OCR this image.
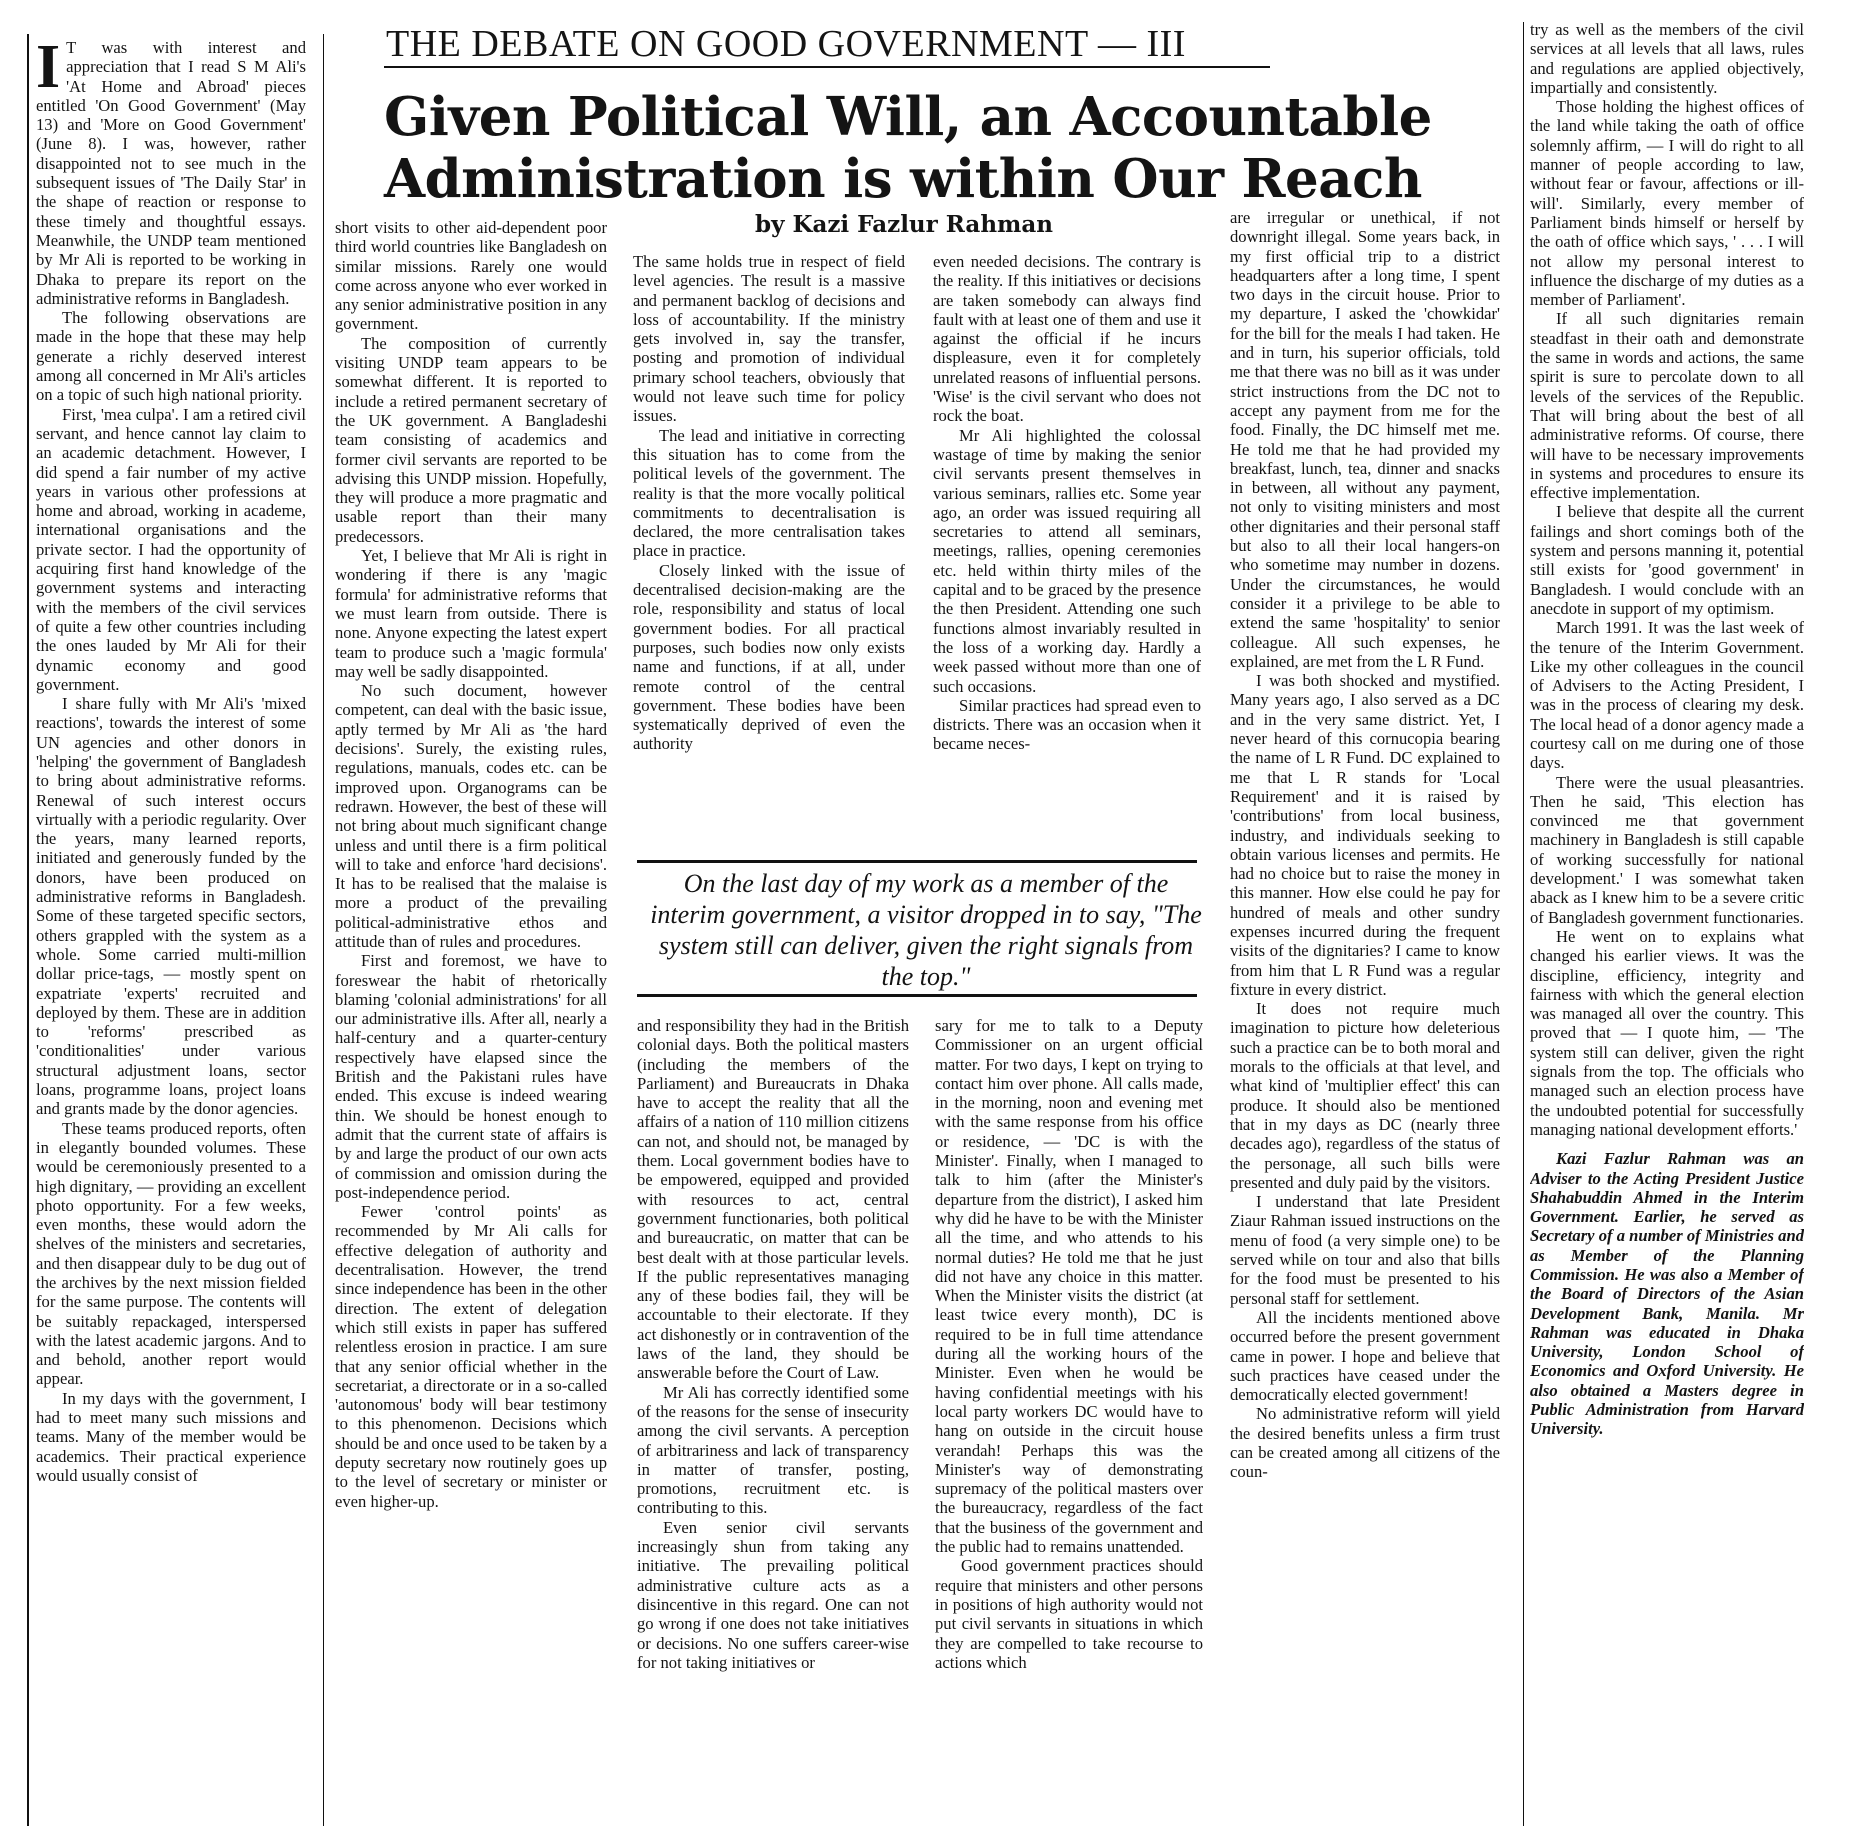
THE DEBATE ON GOOD GOVERNMENT — III
Given Political Will, an Accountable Administration is within Our Reach
by Kazi Fazlur Rahman

I T was with interest and appreciation that I read S M Ali's 'At Home and Abroad' pieces entitled 'On Good Government' (May 13) and 'More on Good Government' (June 8). I was, however, rather disappointed not to see much in the subsequent issues of 'The Daily Star' in the shape of reaction or response to these timely and thoughtful essays. Meanwhile, the UNDP team mentioned by Mr Ali is reported to be working in Dhaka to prepare its report on the administrative reforms in Bangladesh.

The following observations are made in the hope that these may help generate a richly deserved interest among all concerned in Mr Ali's articles on a topic of such high national priority.

First, 'mea culpa'. I am a retired civil servant, and hence cannot lay claim to an academic detachment. However, I did spend a fair number of my active years in various other professions at home and abroad, working in academe, international organisations and the private sector. I had the opportunity of acquiring first hand knowledge of the government systems and interacting with the members of the civil services of quite a few other countries including the ones lauded by Mr Ali for their dynamic economy and good government.

I share fully with Mr Ali's 'mixed reactions', towards the interest of some UN agencies and other donors in 'helping' the government of Bangladesh to bring about administrative reforms. Renewal of such interest occurs virtually with a periodic regularity. Over the years, many learned reports, initiated and generously funded by the donors, have been produced on administrative reforms in Bangladesh. Some of these targeted specific sectors, others grappled with the system as a whole. Some carried multi-million dollar price-tags, — mostly spent on expatriate 'experts' recruited and deployed by them. These are in addition to 'reforms' prescribed as 'conditionalities' under various structural adjustment loans, sector loans, programme loans, project loans and grants made by the donor agencies.

These teams produced reports, often in elegantly bounded volumes. These would be ceremoniously presented to a high dignitary, — providing an excellent photo opportunity. For a few weeks, even months, these would adorn the shelves of the ministers and secretaries, and then disappear duly to be dug out of the archives by the next mission fielded for the same purpose. The contents will be suitably repackaged, interspersed with the latest academic jargons. And to and behold, another report would appear.

In my days with the government, I had to meet many such missions and teams. Many of the member would be academics. Their practical experience would usually consist of

short visits to other aid-dependent poor third world countries like Bangladesh on similar missions. Rarely one would come across anyone who ever worked in any senior administrative position in any government.

The composition of currently visiting UNDP team appears to be somewhat different. It is reported to include a retired permanent secretary of the UK government. A Bangladeshi team consisting of academics and former civil servants are reported to be advising this UNDP mission. Hopefully, they will produce a more pragmatic and usable report than their many predecessors.

Yet, I believe that Mr Ali is right in wondering if there is any 'magic formula' for administrative reforms that we must learn from outside. There is none. Anyone expecting the latest expert team to produce such a 'magic formula' may well be sadly disappointed.

No such document, however competent, can deal with the basic issue, aptly termed by Mr Ali as 'the hard decisions'. Surely, the existing rules, regulations, manuals, codes etc. can be improved upon. Organograms can be redrawn. However, the best of these will not bring about much significant change unless and until there is a firm political will to take and enforce 'hard decisions'. It has to be realised that the malaise is more a product of the prevailing political-administrative ethos and attitude than of rules and procedures.

First and foremost, we have to foreswear the habit of rhetorically blaming 'colonial administrations' for all our administrative ills. After all, nearly a half-century and a quarter-century respectively have elapsed since the British and the Pakistani rules have ended. This excuse is indeed wearing thin. We should be honest enough to admit that the current state of affairs is by and large the product of our own acts of commission and omission during the post-independence period.

Fewer 'control points' as recommended by Mr Ali calls for effective delegation of authority and decentralisation. However, the trend since independence has been in the other direction. The extent of delegation which still exists in paper has suffered relentless erosion in practice. I am sure that any senior official whether in the secretariat, a directorate or in a so-called 'autonomous' body will bear testimony to this phenomenon. Decisions which should be and once used to be taken by a deputy secretary now routinely goes up to the level of secretary or minister or even higher-up.

The same holds true in respect of field level agencies. The result is a massive and permanent backlog of decisions and loss of accountability. If the ministry gets involved in, say the transfer, posting and promotion of individual primary school teachers, obviously that would not leave such time for policy issues.

The lead and initiative in correcting this situation has to come from the political levels of the government. The reality is that the more vocally political commitments to decentralisation is declared, the more centralisation takes place in practice.

Closely linked with the issue of decentralised decision-making are the role, responsibility and status of local government bodies. For all practical purposes, such bodies now only exists name and functions, if at all, under remote control of the central government. These bodies have been systematically deprived of even the authority

even needed decisions. The contrary is the reality. If this initiatives or decisions are taken somebody can always find fault with at least one of them and use it against the official if he incurs displeasure, even it for completely unrelated reasons of influential persons. 'Wise' is the civil servant who does not rock the boat.

Mr Ali highlighted the colossal wastage of time by making the senior civil servants present themselves in various seminars, rallies etc. Some year ago, an order was issued requiring all secretaries to attend all seminars, meetings, rallies, opening ceremonies etc. held within thirty miles of the capital and to be graced by the presence the then President. Attending one such functions almost invariably resulted in the loss of a working day. Hardly a week passed without more than one of such occasions.

Similar practices had spread even to districts. There was an occasion when it became neces-

On the last day of my work as a member of the interim government, a visitor dropped in to say, "The system still can deliver, given the right signals from the top."

and responsibility they had in the British colonial days. Both the political masters (including the members of the Parliament) and Bureaucrats in Dhaka have to accept the reality that all the affairs of a nation of 110 million citizens can not, and should not, be managed by them. Local government bodies have to be empowered, equipped and provided with resources to act, central government functionaries, both political and bureaucratic, on matter that can be best dealt with at those particular levels. If the public representatives managing any of these bodies fail, they will be accountable to their electorate. If they act dishonestly or in contravention of the laws of the land, they should be answerable before the Court of Law.

Mr Ali has correctly identified some of the reasons for the sense of insecurity among the civil servants. A perception of arbitrariness and lack of transparency in matter of transfer, posting, promotions, recruitment etc. is contributing to this.

Even senior civil servants increasingly shun from taking any initiative. The prevailing political administrative culture acts as a disincentive in this regard. One can not go wrong if one does not take initiatives or decisions. No one suffers career-wise for not taking initiatives or

sary for me to talk to a Deputy Commissioner on an urgent official matter. For two days, I kept on trying to contact him over phone. All calls made, in the morning, noon and evening met with the same response from his office or residence, — 'DC is with the Minister'. Finally, when I managed to talk to him (after the Minister's departure from the district), I asked him why did he have to be with the Minister all the time, and who attends to his normal duties? He told me that he just did not have any choice in this matter. When the Minister visits the district (at least twice every month), DC is required to be in full time attendance during all the working hours of the Minister. Even when he would be having confidential meetings with his local party workers DC would have to hang on outside in the circuit house verandah! Perhaps this was the Minister's way of demonstrating supremacy of the political masters over the bureaucracy, regardless of the fact that the business of the government and the public had to remains unattended.

Good government practices should require that ministers and other persons in positions of high authority would not put civil servants in situations in which they are compelled to take recourse to actions which

are irregular or unethical, if not downright illegal. Some years back, in my first official trip to a district headquarters after a long time, I spent two days in the circuit house. Prior to my departure, I asked the 'chowkidar' for the bill for the meals I had taken. He and in turn, his superior officials, told me that there was no bill as it was under strict instructions from the DC not to accept any payment from me for the food. Finally, the DC himself met me. He told me that he had provided my breakfast, lunch, tea, dinner and snacks in between, all without any payment, not only to visiting ministers and most other dignitaries and their personal staff but also to all their local hangers-on who sometime may number in dozens. Under the circumstances, he would consider it a privilege to be able to extend the same 'hospitality' to senior colleague. All such expenses, he explained, are met from the L R Fund.

I was both shocked and mystified. Many years ago, I also served as a DC and in the very same district. Yet, I never heard of this cornucopia bearing the name of L R Fund. DC explained to me that L R stands for 'Local Requirement' and it is raised by 'contributions' from local business, industry, and individuals seeking to obtain various licenses and permits. He had no choice but to raise the money in this manner. How else could he pay for hundred of meals and other sundry expenses incurred during the frequent visits of the dignitaries? I came to know from him that L R Fund was a regular fixture in every district.

It does not require much imagination to picture how deleterious such a practice can be to both moral and morals to the officials at that level, and what kind of 'multiplier effect' this can produce. It should also be mentioned that in my days as DC (nearly three decades ago), regardless of the status of the personage, all such bills were presented and duly paid by the visitors.

I understand that late President Ziaur Rahman issued instructions on the menu of food (a very simple one) to be served while on tour and also that bills for the food must be presented to his personal staff for settlement.

All the incidents mentioned above occurred before the present government came in power. I hope and believe that such practices have ceased under the democratically elected government!

No administrative reform will yield the desired benefits unless a firm trust can be created among all citizens of the coun-

try as well as the members of the civil services at all levels that all laws, rules and regulations are applied objectively, impartially and consistently.

Those holding the highest offices of the land while taking the oath of office solemnly affirm, — I will do right to all manner of people according to law, without fear or favour, affections or ill-will'. Similarly, every member of Parliament binds himself or herself by the oath of office which says, ' . . . I will not allow my personal interest to influence the discharge of my duties as a member of Parliament'.

If all such dignitaries remain steadfast in their oath and demonstrate the same in words and actions, the same spirit is sure to percolate down to all levels of the services of the Republic. That will bring about the best of all administrative reforms. Of course, there will have to be necessary improvements in systems and procedures to ensure its effective implementation.

I believe that despite all the current failings and short comings both of the system and persons manning it, potential still exists for 'good government' in Bangladesh. I would conclude with an anecdote in support of my optimism.

March 1991. It was the last week of the tenure of the Interim Government. Like my other colleagues in the council of Advisers to the Acting President, I was in the process of clearing my desk. The local head of a donor agency made a courtesy call on me during one of those days.

There were the usual pleasantries. Then he said, 'This election has convinced me that government machinery in Bangladesh is still capable of working successfully for national development.' I was somewhat taken aback as I knew him to be a severe critic of Bangladesh government functionaries.

He went on to explains what changed his earlier views. It was the discipline, efficiency, integrity and fairness with which the general election was managed all over the country. This proved that — I quote him, — 'The system still can deliver, given the right signals from the top. The officials who managed such an election process have the undoubted potential for successfully managing national development efforts.'

Kazi Fazlur Rahman was an Adviser to the Acting President Justice Shahabuddin Ahmed in the Interim Government. Earlier, he served as Secretary of a number of Ministries and as Member of the Planning Commission. He was also a Member of the Board of Directors of the Asian Development Bank, Manila. Mr Rahman was educated in Dhaka University, London School of Economics and Oxford University. He also obtained a Masters degree in Public Administration from Harvard University.
